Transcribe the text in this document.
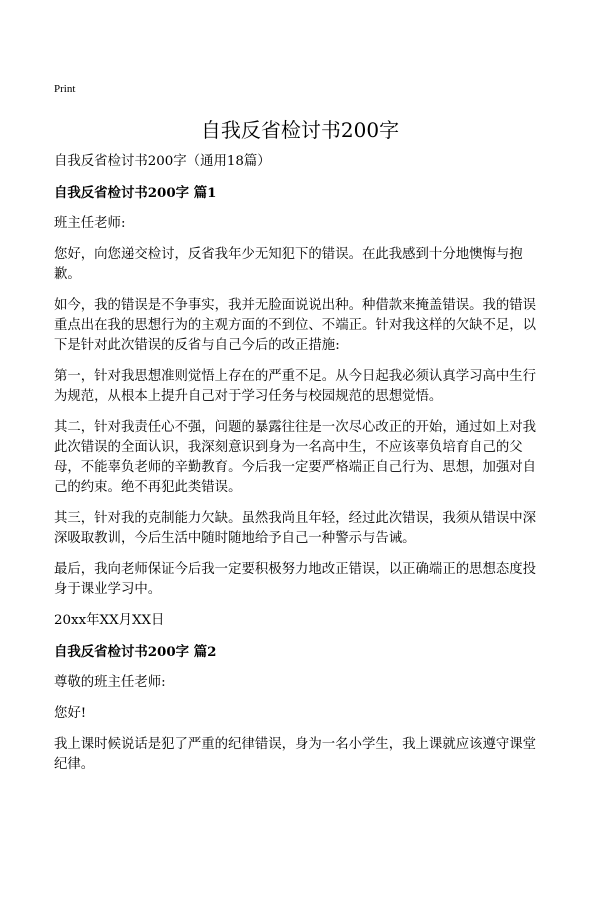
Print
自我反省检讨书200字

自我反省检讨书200字（通用18篇）

自我反省检讨书200字 篇1

班主任老师:

您好，向您递交检讨，反省我年少无知犯下的错误。在此我感到十分地懊悔与抱歉。

如今，我的错误是不争事实，我并无脸面说说出种。种借款来掩盖错误。我的错误重点出在我的思想行为的主观方面的不到位、不端正。针对我这样的欠缺不足，以下是针对此次错误的反省与自己今后的改正措施:

第一，针对我思想准则觉悟上存在的严重不足。从今日起我必须认真学习高中生行为规范，从根本上提升自己对于学习任务与校园规范的思想觉悟。

其二，针对我责任心不强，问题的暴露往往是一次尽心改正的开始，通过如上对我此次错误的全面认识，我深刻意识到身为一名高中生，不应该辜负培育自己的父母，不能辜负老师的辛勤教育。今后我一定要严格端正自己行为、思想，加强对自己的约束。绝不再犯此类错误。

其三，针对我的克制能力欠缺。虽然我尚且年轻，经过此次错误，我须从错误中深深吸取教训，今后生活中随时随地给予自己一种警示与告诫。

最后，我向老师保证今后我一定要积极努力地改正错误，以正确端正的思想态度投身于课业学习中。

20xx年XX月XX日

自我反省检讨书200字 篇2

尊敬的班主任老师:

您好!

我上课时候说话是犯了严重的纪律错误，身为一名小学生，我上课就应该遵守课堂纪律。
